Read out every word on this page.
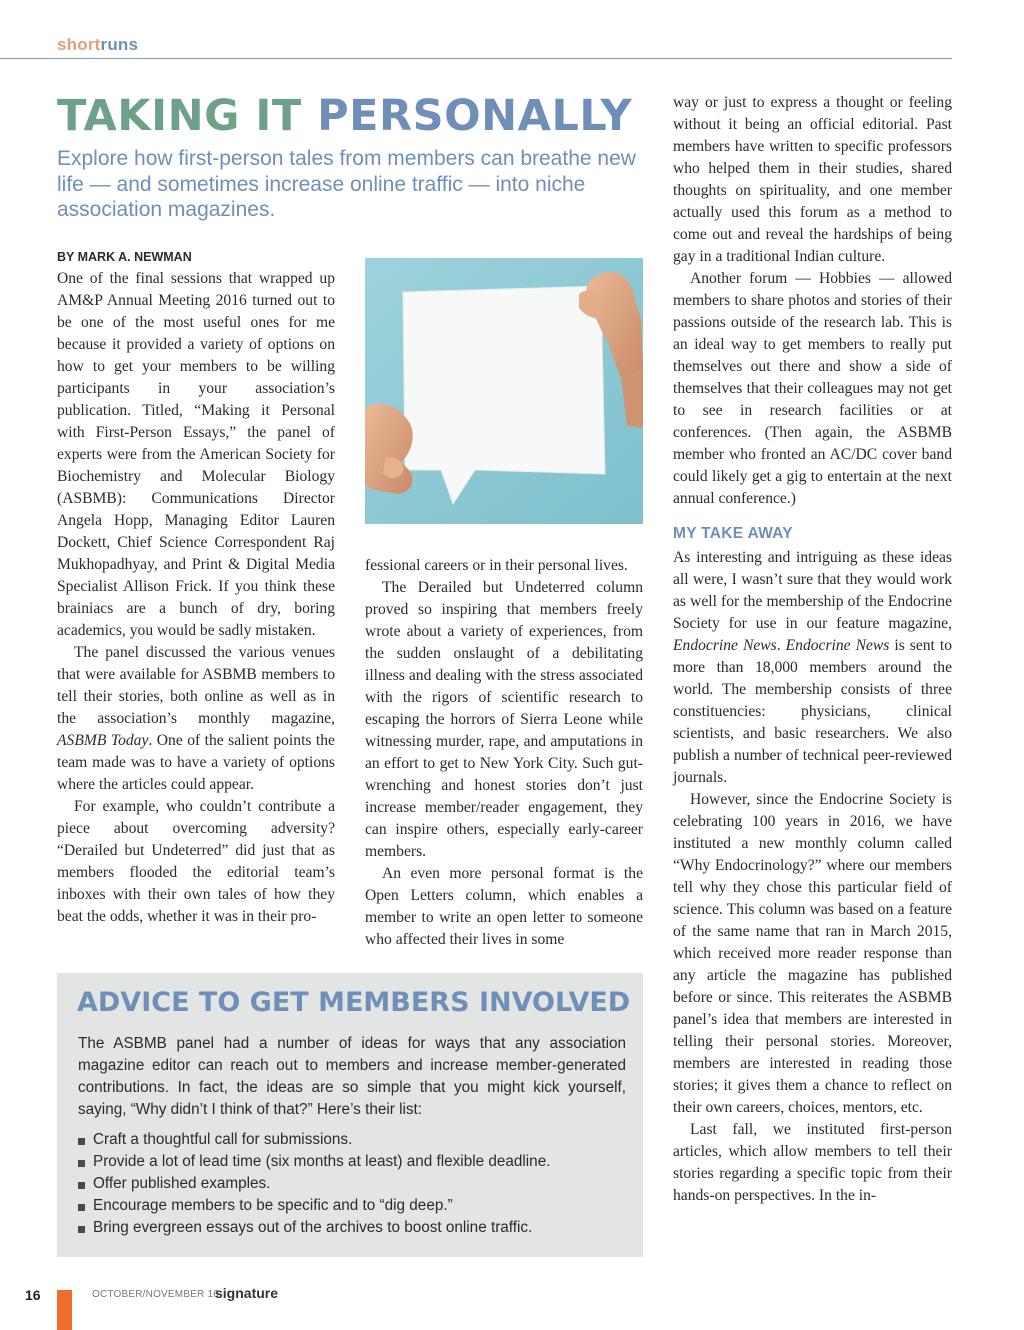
shortruns
TAKING IT PERSONALLY
Explore how first-person tales from members can breathe new life — and sometimes increase online traffic — into niche association magazines.
BY MARK A. NEWMAN

One of the final sessions that wrapped up AM&P Annual Meeting 2016 turned out to be one of the most useful ones for me because it provided a variety of options on how to get your members to be willing participants in your association’s publication. Titled, “Making it Personal with First-Person Essays,” the panel of experts were from the American Society for Biochemistry and Molecular Biology (ASBMB): Communications Director Angela Hopp, Managing Editor Lauren Dockett, Chief Science Correspondent Raj Mukhopadhyay, and Print & Digital Media Specialist Allison Frick. If you think these brainiacs are a bunch of dry, boring academics, you would be sadly mistaken.

The panel discussed the various venues that were available for ASBMB members to tell their stories, both online as well as in the association’s monthly magazine, ASBMB Today. One of the salient points the team made was to have a variety of options where the articles could appear.

For example, who couldn’t contribute a piece about overcoming adversity? “Derailed but Undeterred” did just that as members flooded the editorial team’s inboxes with their own tales of how they beat the odds, whether it was in their pro-

fessional careers or in their personal lives.

The Derailed but Undeterred column proved so inspiring that members freely wrote about a variety of experiences, from the sudden onslaught of a debilitating illness and dealing with the stress associated with the rigors of scientific research to escaping the horrors of Sierra Leone while witnessing murder, rape, and amputations in an effort to get to New York City. Such gut-wrenching and honest stories don’t just increase member/reader engagement, they can inspire others, especially early-career members.

An even more personal format is the Open Letters column, which enables a member to write an open letter to someone who affected their lives in some

way or just to express a thought or feeling without it being an official editorial. Past members have written to specific professors who helped them in their studies, shared thoughts on spirituality, and one member actually used this forum as a method to come out and reveal the hardships of being gay in a traditional Indian culture.

Another forum — Hobbies — allowed members to share photos and stories of their passions outside of the research lab. This is an ideal way to get members to really put themselves out there and show a side of themselves that their colleagues may not get to see in research facilities or at conferences. (Then again, the ASBMB member who fronted an AC/DC cover band could likely get a gig to entertain at the next annual conference.)

MY TAKE AWAY

As interesting and intriguing as these ideas all were, I wasn’t sure that they would work as well for the membership of the Endocrine Society for use in our feature magazine, Endocrine News. Endocrine News is sent to more than 18,000 members around the world. The membership consists of three constituencies: physicians, clinical scientists, and basic researchers. We also publish a number of technical peer-reviewed journals.

However, since the Endocrine Society is celebrating 100 years in 2016, we have instituted a new monthly column called “Why Endocrinology?” where our members tell why they chose this particular field of science. This column was based on a feature of the same name that ran in March 2015, which received more reader response than any article the magazine has published before or since. This reiterates the ASBMB panel’s idea that members are interested in telling their personal stories. Moreover, members are interested in reading those stories; it gives them a chance to reflect on their own careers, choices, mentors, etc.

Last fall, we instituted first-person articles, which allow members to tell their stories regarding a specific topic from their hands-on perspectives. In the in-

ADVICE TO GET MEMBERS INVOLVED

The ASBMB panel had a number of ideas for ways that any association magazine editor can reach out to members and increase member-generated contributions. In fact, the ideas are so simple that you might kick yourself, saying, “Why didn’t I think of that?” Here’s their list:

Craft a thoughtful call for submissions.
Provide a lot of lead time (six months at least) and flexible deadline.
Offer published examples.
Encourage members to be specific and to “dig deep.”
Bring evergreen essays out of the archives to boost online traffic.
16	OCTOBER/NOVEMBER 16
signature
